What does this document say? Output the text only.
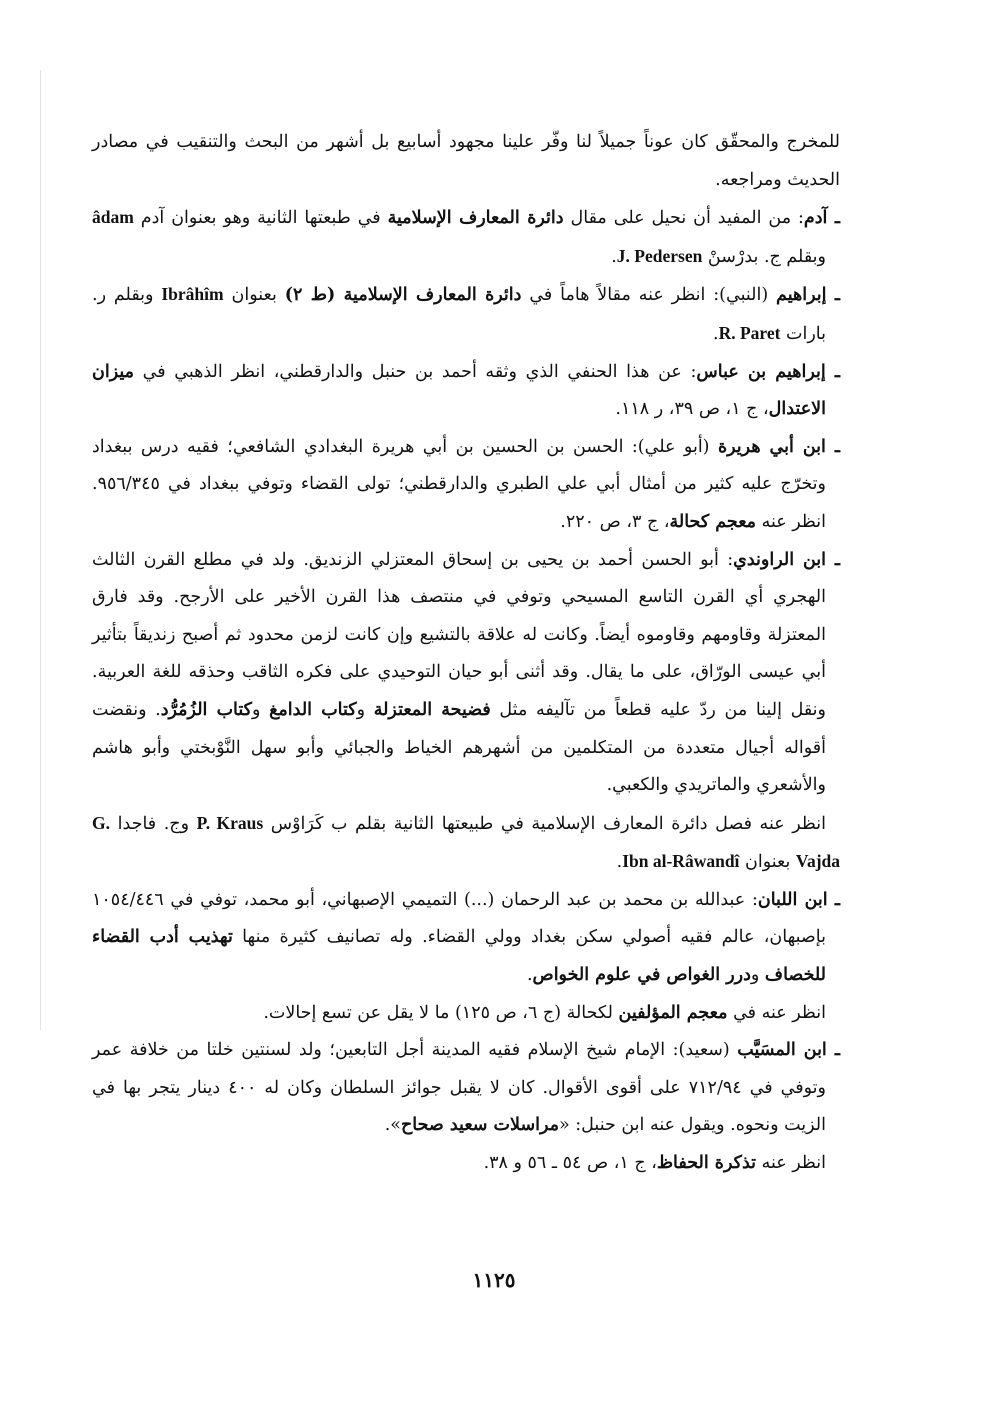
للمخرج والمحقّق كان عوناً جميلاً لنا وفّر علينا مجهود أسابيع بل أشهر من البحث والتنقيب في مصادر الحديث ومراجعه.

ـ آدم: من المفيد أن نحيل على مقال دائرة المعارف الإسلامية في طبعتها الثانية وهو بعنوان آدم âdam وبقلم ج. بدرْسنْ J. Pedersen.

ـ إبراهيم (النبي): انظر عنه مقالاً هاماً في دائرة المعارف الإسلامية (ط ٢) بعنوان Ibrâhîm وبقلم ر. بارات R. Paret.

ـ إبراهيم بن عباس: عن هذا الحنفي الذي وثقه أحمد بن حنبل والدارقطني، انظر الذهبي في ميزان الاعتدال، ج ١، ص ٣٩، ر ١١٨.

ـ ابن أبي هريرة (أبو علي): الحسن بن الحسين بن أبي هريرة البغدادي الشافعي؛ فقيه درس ببغداد وتخرّج عليه كثير من أمثال أبي علي الطبري والدارقطني؛ تولى القضاء وتوفي ببغداد في ٩٥٦/٣٤٥. انظر عنه معجم كحالة، ج ٣، ص ٢٢٠.

ـ ابن الراوندي: أبو الحسن أحمد بن يحيى بن إسحاق المعتزلي الزنديق. ولد في مطلع القرن الثالث الهجري أي القرن التاسع المسيحي وتوفي في منتصف هذا القرن الأخير على الأرجح. وقد فارق المعتزلة وقاومهم وقاوموه أيضاً. وكانت له علاقة بالتشيع وإن كانت لزمن محدود ثم أصبح زنديقاً بتأثير أبي عيسى الورّاق، على ما يقال. وقد أثنى أبو حيان التوحيدي على فكره الثاقب وحذقه للغة العربية. ونقل إلينا من ردّ عليه قطعاً من تآليفه مثل فضيحة المعتزلة وكتاب الدامغ وكتاب الزُمُرُّد. ونقضت أقواله أجيال متعددة من المتكلمين من أشهرهم الخياط والجبائي وأبو سهل النَّوْبختي وأبو هاشم والأشعري والماتريدي والكعبي.

انظر عنه فصل دائرة المعارف الإسلامية في طبيعتها الثانية بقلم ب كَرَاوْس P. Kraus وج. فاجدا G. Vajda بعنوان Ibn al-Râwandî.

ـ ابن اللبان: عبدالله بن محمد بن عبد الرحمان (...) التميمي الإصبهاني، أبو محمد، توفي في ١٠٥٤/٤٤٦ بإصبهان، عالم فقيه أصولي سكن بغداد وولي القضاء. وله تصانيف كثيرة منها تهذيب أدب القضاء للخصاف ودرر الغواص في علوم الخواص.

انظر عنه في معجم المؤلفين لكحالة (ج ٦، ص ١٢٥) ما لا يقل عن تسع إحالات.

ـ ابن المسَيَّب (سعيد): الإمام شيخ الإسلام فقيه المدينة أجل التابعين؛ ولد لسنتين خلتا من خلافة عمر وتوفي في ٧١٢/٩٤ على أقوى الأقوال. كان لا يقبل جوائز السلطان وكان له ٤٠٠ دينار يتجر بها في الزيت ونحوه. ويقول عنه ابن حنبل: «مراسلات سعيد صحاح».

انظر عنه تذكرة الحفاظ، ج ١، ص ٥٤ ـ ٥٦ و ٣٨.

١١٢٥
